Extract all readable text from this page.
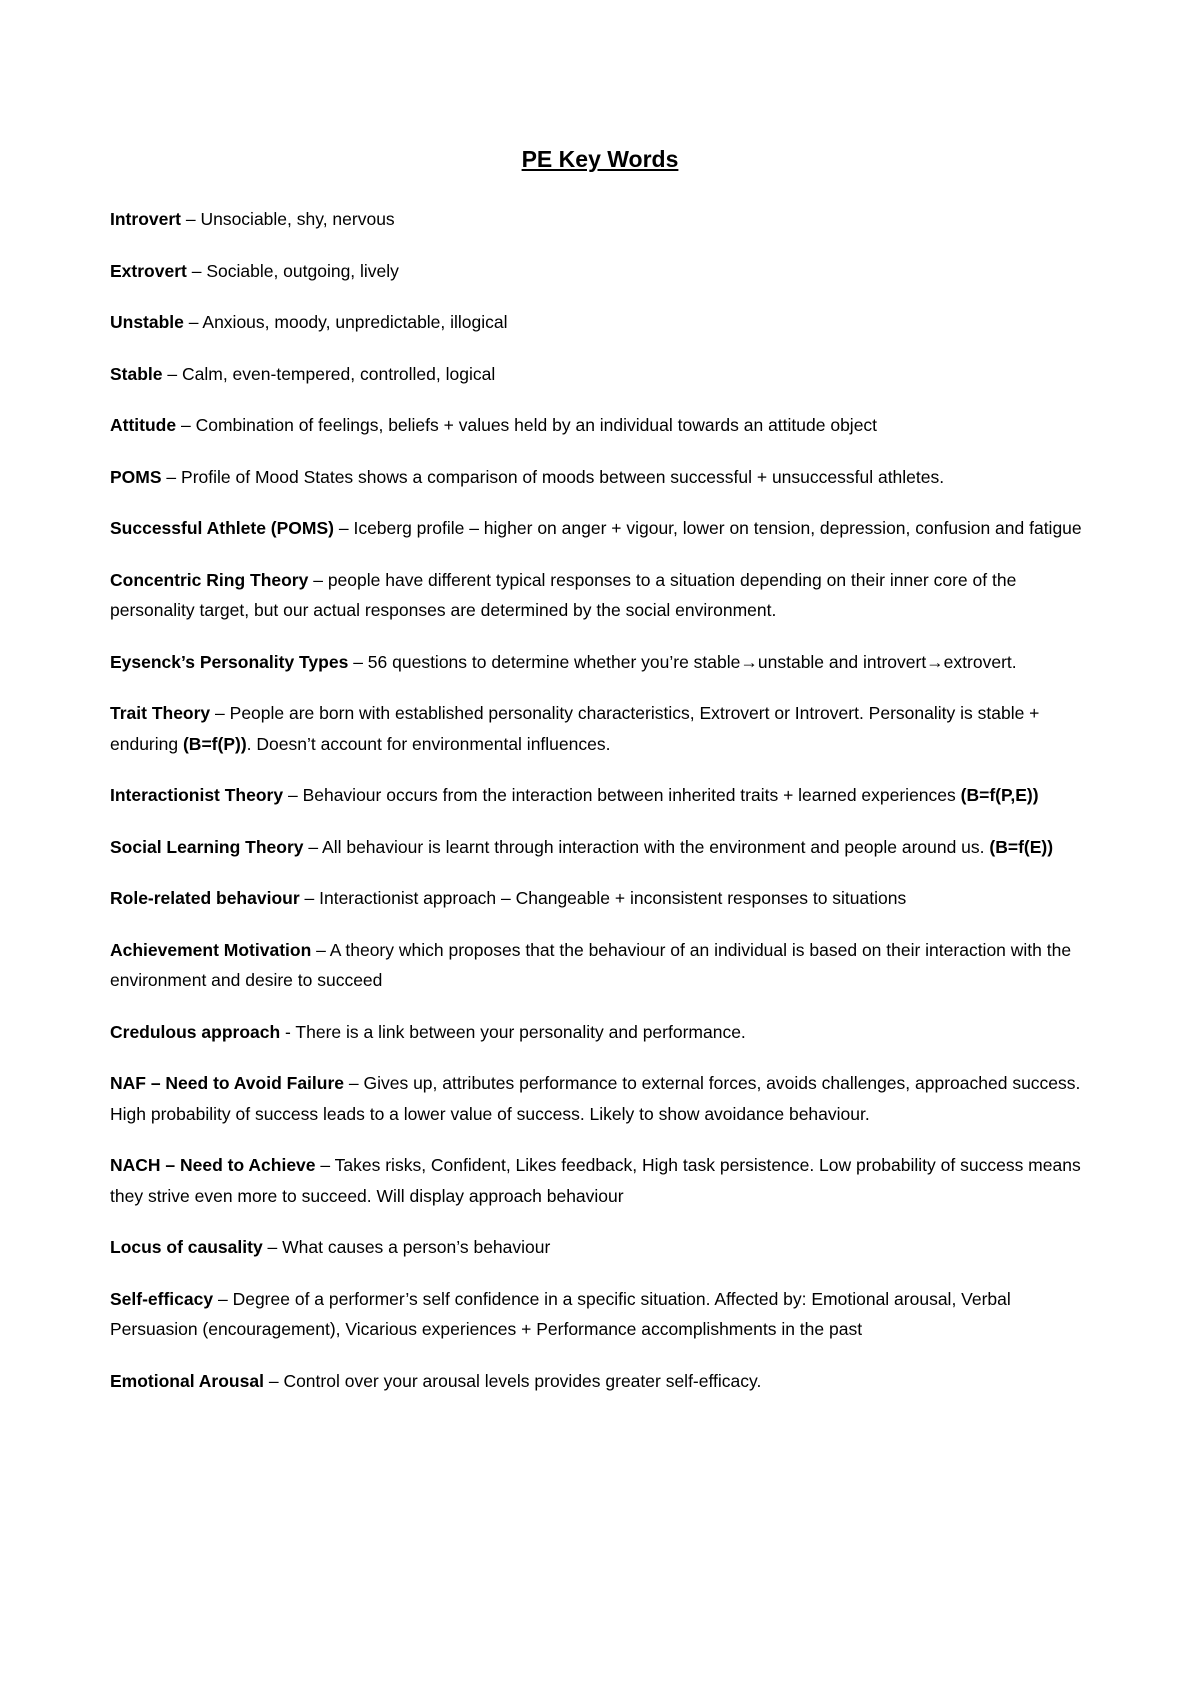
PE Key Words

Introvert – Unsociable, shy, nervous

Extrovert – Sociable, outgoing, lively

Unstable – Anxious, moody, unpredictable, illogical

Stable – Calm, even-tempered, controlled, logical

Attitude – Combination of feelings, beliefs + values held by an individual towards an attitude object

POMS – Profile of Mood States shows a comparison of moods between successful + unsuccessful athletes.

Successful Athlete (POMS) – Iceberg profile – higher on anger + vigour, lower on tension, depression, confusion and fatigue

Concentric Ring Theory – people have different typical responses to a situation depending on their inner core of the personality target, but our actual responses are determined by the social environment.

Eysenck’s Personality Types – 56 questions to determine whether you’re stable→unstable and introvert→extrovert.

Trait Theory – People are born with established personality characteristics, Extrovert or Introvert. Personality is stable + enduring (B=f(P)). Doesn’t account for environmental influences.

Interactionist Theory – Behaviour occurs from the interaction between inherited traits + learned experiences (B=f(P,E))

Social Learning Theory – All behaviour is learnt through interaction with the environment and people around us. (B=f(E))

Role-related behaviour – Interactionist approach – Changeable + inconsistent responses to situations

Achievement Motivation – A theory which proposes that the behaviour of an individual is based on their interaction with the environment and desire to succeed

Credulous approach - There is a link between your personality and performance.

NAF – Need to Avoid Failure – Gives up, attributes performance to external forces, avoids challenges, approached success. High probability of success leads to a lower value of success. Likely to show avoidance behaviour.

NACH – Need to Achieve – Takes risks, Confident, Likes feedback, High task persistence. Low probability of success means they strive even more to succeed. Will display approach behaviour

Locus of causality – What causes a person’s behaviour

Self-efficacy – Degree of a performer’s self confidence in a specific situation. Affected by: Emotional arousal, Verbal Persuasion (encouragement), Vicarious experiences + Performance accomplishments in the past

Emotional Arousal – Control over your arousal levels provides greater self-efficacy.
